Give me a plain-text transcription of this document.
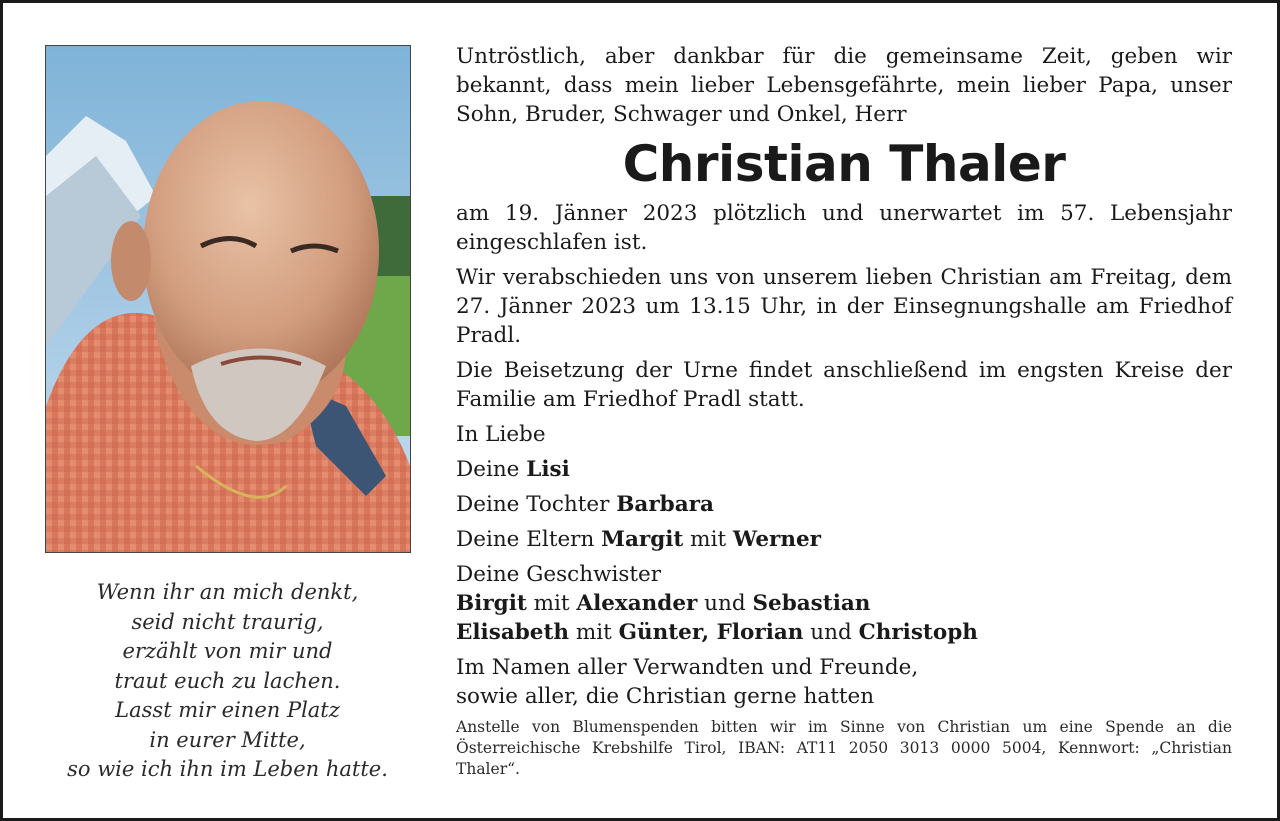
Wenn ihr an mich denkt,
seid nicht traurig,
erzählt von mir und
traut euch zu lachen.
Lasst mir einen Platz
in eurer Mitte,
so wie ich ihn im Leben hatte.

Untröstlich, aber dankbar für die gemeinsame Zeit, geben wir bekannt, dass mein lieber Lebensgefährte, mein lieber Papa, unser Sohn, Bruder, Schwager und Onkel, Herr

Christian Thaler

am 19. Jänner 2023 plötzlich und unerwartet im 57. Lebensjahr eingeschlafen ist.

Wir verabschieden uns von unserem lieben Christian am Freitag, dem 27. Jänner 2023 um 13.15 Uhr, in der Einsegnungshalle am Friedhof Pradl.

Die Beisetzung der Urne findet anschließend im engsten Kreise der Familie am Friedhof Pradl statt.

In Liebe
Deine Lisi
Deine Tochter Barbara
Deine Eltern Margit mit Werner
Deine Geschwister
Birgit mit Alexander und Sebastian
Elisabeth mit Günter, Florian und Christoph
Im Namen aller Verwandten und Freunde,
sowie aller, die Christian gerne hatten

Anstelle von Blumenspenden bitten wir im Sinne von Christian um eine Spende an die Österreichische Krebshilfe Tirol, IBAN: AT11 2050 3013 0000 5004, Kennwort: „Christian Thaler“.
